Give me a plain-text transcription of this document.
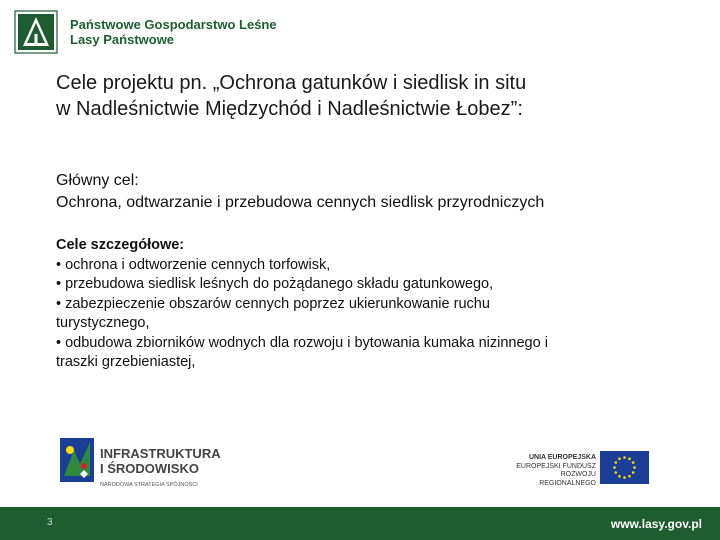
Państwowe Gospodarstwo Leśne
Lasy Państwowe
Cele projektu pn. „Ochrona gatunków i siedlisk in situ
w Nadleśnictwie Międzychód i Nadleśnictwie Łobez”:
Główny cel:
Ochrona, odtwarzanie i przebudowa cennych siedlisk przyrodniczych
Cele szczegółowe:
• ochrona i odtworzenie cennych torfowisk,
• przebudowa siedlisk leśnych do pożądanego składu gatunkowego,
• zabezpieczenie obszarów cennych poprzez ukierunkowanie ruchu
turystycznego,
• odbudowa zbiorników wodnych dla rozwoju i bytowania kumaka nizinnego i
traszki grzebieniastej,
INFRASTRUKTURA
I ŚRODOWISKO
NARODOWA STRATEGIA SPÓJNOŚCI
UNIA EUROPEJSKA
EUROPEJSKI FUNDUSZ
ROZWOJU REGIONALNEGO
3	www.lasy.gov.pl
